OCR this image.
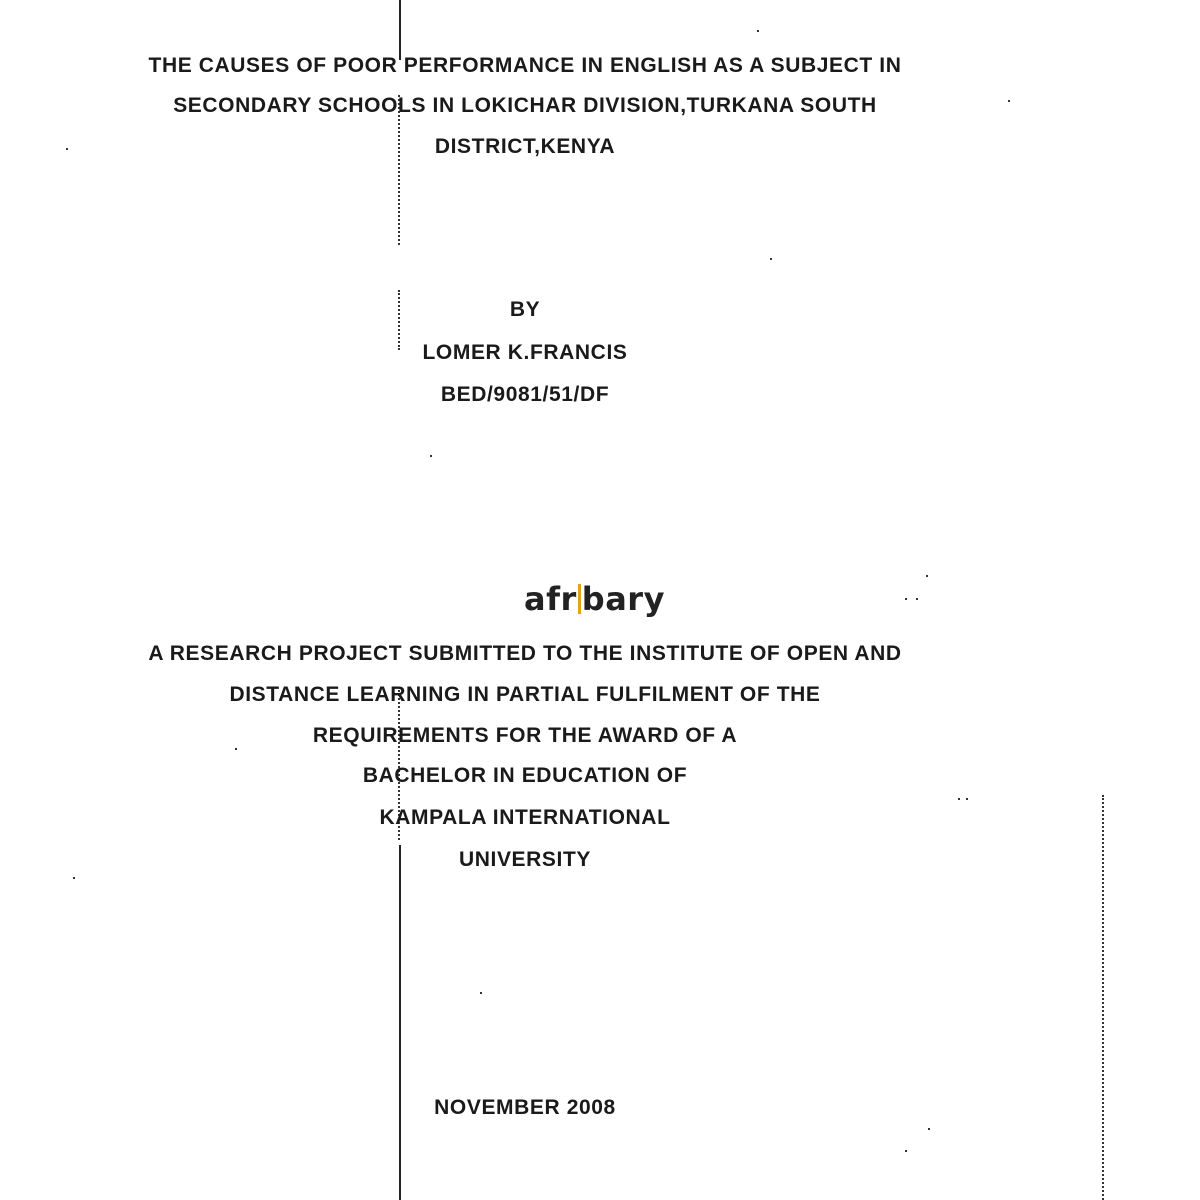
THE CAUSES OF POOR PERFORMANCE IN ENGLISH AS A SUBJECT IN
SECONDARY SCHOOLS IN LOKICHAR DIVISION,TURKANA SOUTH
DISTRICT,KENYA
BY
LOMER K.FRANCIS
BED/9081/51/DF
afr bary
A RESEARCH PROJECT SUBMITTED TO THE INSTITUTE OF OPEN AND
DISTANCE LEARNING IN PARTIAL FULFILMENT OF THE
REQUIREMENTS FOR THE AWARD OF A
BACHELOR IN EDUCATION OF
KAMPALA INTERNATIONAL
UNIVERSITY
NOVEMBER 2008
